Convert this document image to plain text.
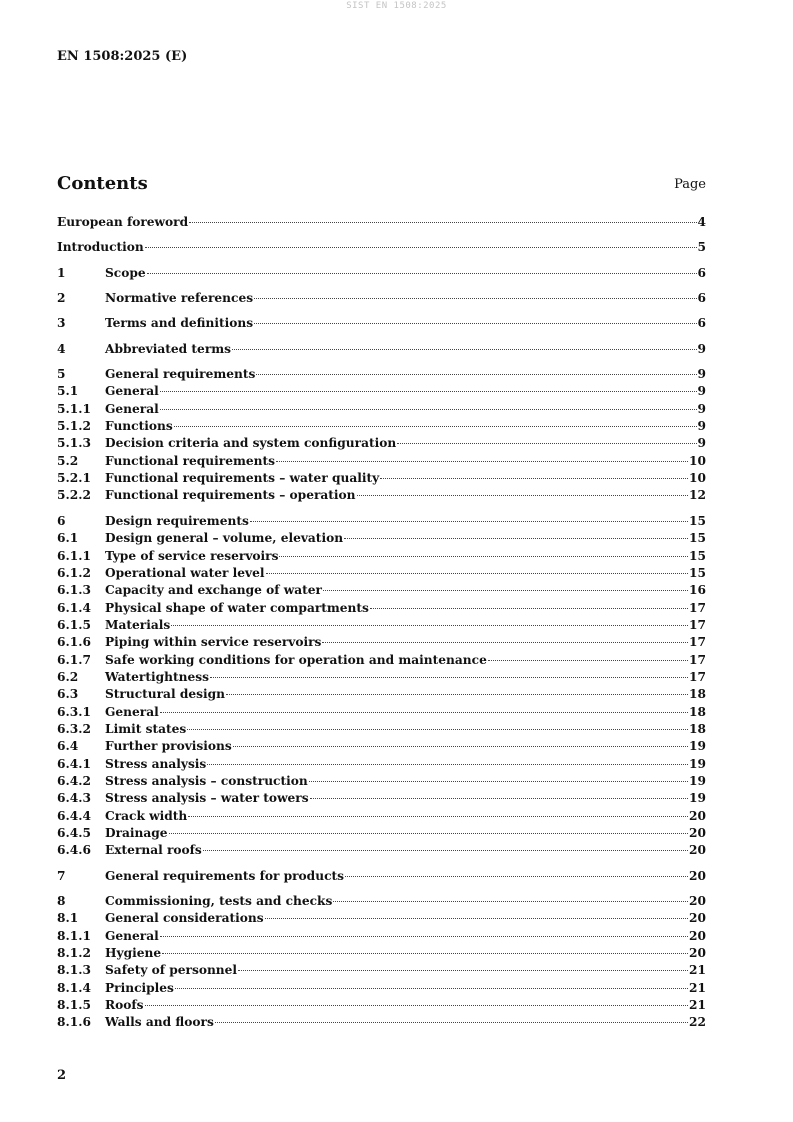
SIST EN 1508:2025
EN 1508:2025 (E)
Contents	Page
European foreword	4
Introduction	5
1	Scope	6
2	Normative references	6
3	Terms and definitions	6
4	Abbreviated terms	9
5	General requirements	9
5.1	General	9
5.1.1	General	9
5.1.2	Functions	9
5.1.3	Decision criteria and system configuration	9
5.2	Functional requirements	10
5.2.1	Functional requirements – water quality	10
5.2.2	Functional requirements – operation	12
6	Design requirements	15
6.1	Design general – volume, elevation	15
6.1.1	Type of service reservoirs	15
6.1.2	Operational water level	15
6.1.3	Capacity and exchange of water	16
6.1.4	Physical shape of water compartments	17
6.1.5	Materials	17
6.1.6	Piping within service reservoirs	17
6.1.7	Safe working conditions for operation and maintenance	17
6.2	Watertightness	17
6.3	Structural design	18
6.3.1	General	18
6.3.2	Limit states	18
6.4	Further provisions	19
6.4.1	Stress analysis	19
6.4.2	Stress analysis – construction	19
6.4.3	Stress analysis – water towers	19
6.4.4	Crack width	20
6.4.5	Drainage	20
6.4.6	External roofs	20
7	General requirements for products	20
8	Commissioning, tests and checks	20
8.1	General considerations	20
8.1.1	General	20
8.1.2	Hygiene	20
8.1.3	Safety of personnel	21
8.1.4	Principles	21
8.1.5	Roofs	21
8.1.6	Walls and floors	22
2
